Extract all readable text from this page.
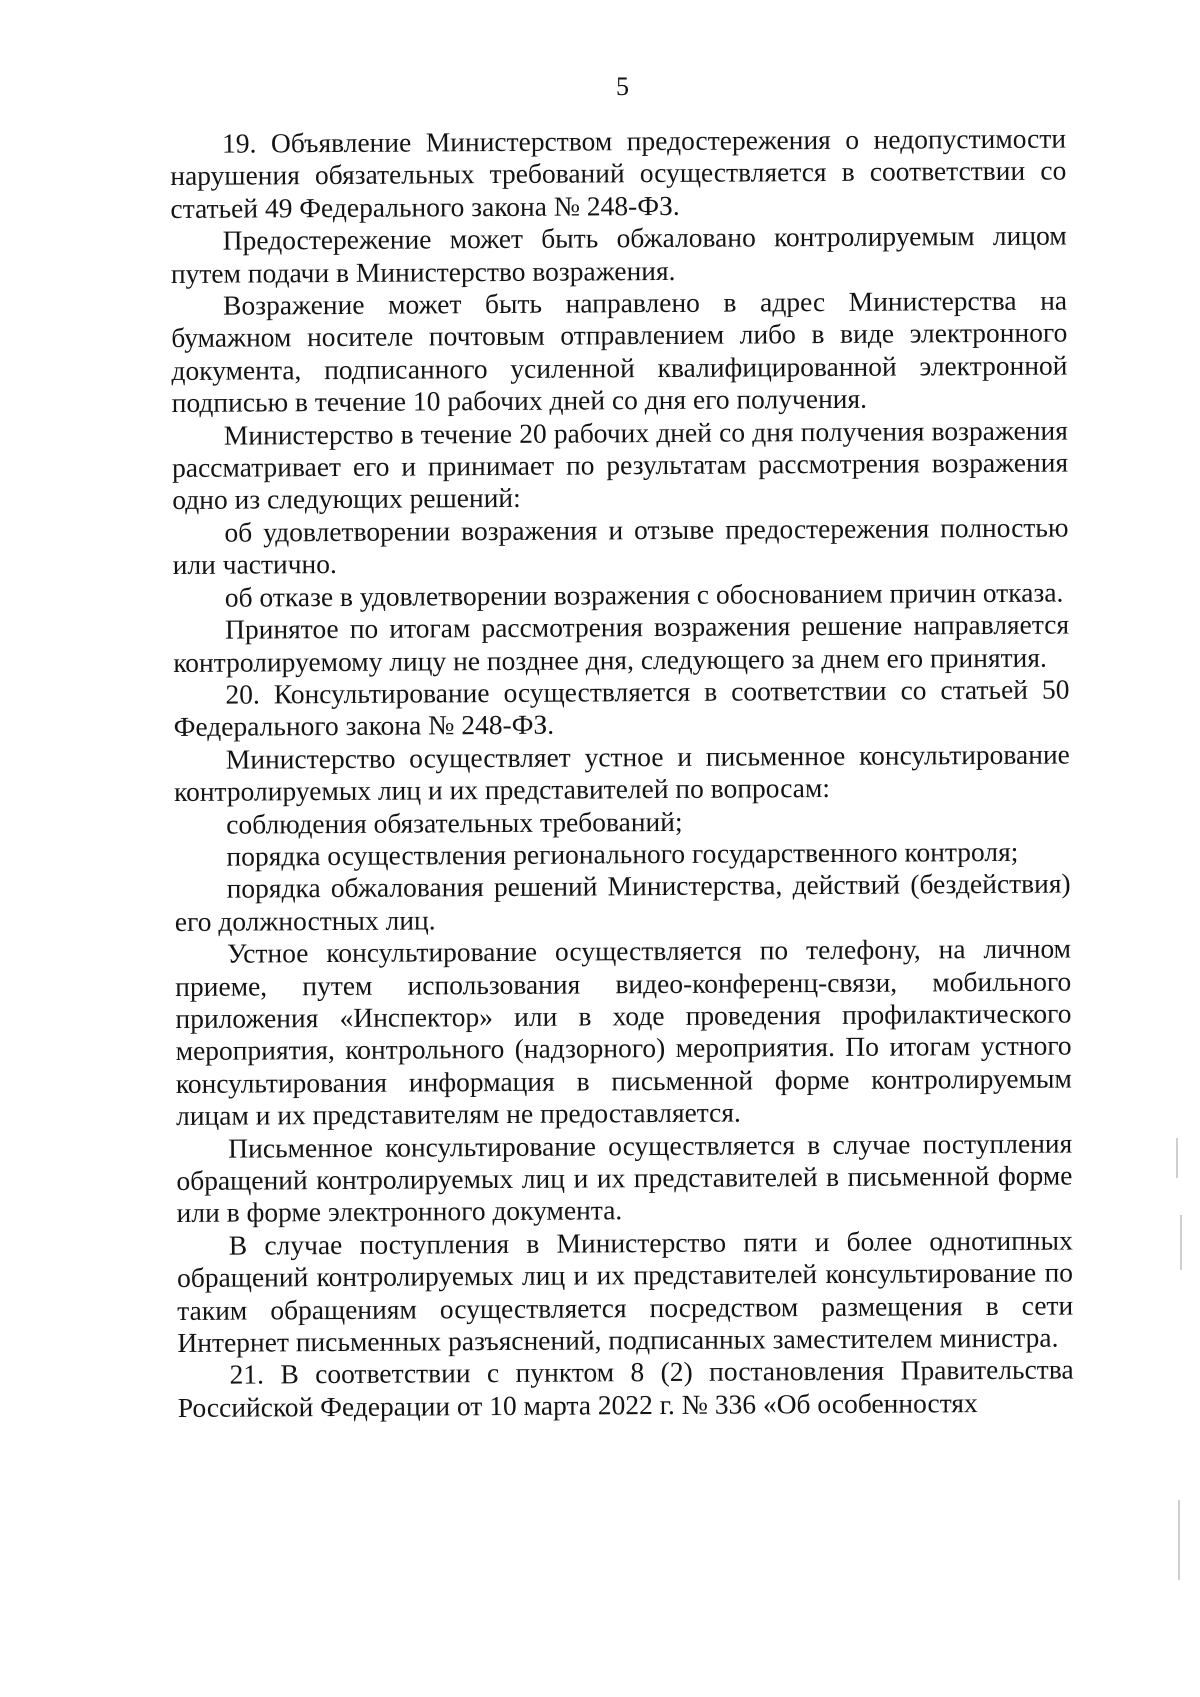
5

19. Объявление Министерством предостережения о недопустимости нарушения обязательных требований осуществляется в соответствии со статьей 49 Федерального закона № 248-ФЗ.

Предостережение может быть обжаловано контролируемым лицом путем подачи в Министерство возражения.

Возражение может быть направлено в адрес Министерства на бумажном носителе почтовым отправлением либо в виде электронного документа, подписанного усиленной квалифицированной электронной подписью в течение 10 рабочих дней со дня его получения.

Министерство в течение 20 рабочих дней со дня получения возражения рассматривает его и принимает по результатам рассмотрения возражения одно из следующих решений:

об удовлетворении возражения и отзыве предостережения полностью или частично.

об отказе в удовлетворении возражения с обоснованием причин отказа.

Принятое по итогам рассмотрения возражения решение направляется контролируемому лицу не позднее дня, следующего за днем его принятия.

20. Консультирование осуществляется в соответствии со статьей 50 Федерального закона № 248-ФЗ.

Министерство осуществляет устное и письменное консультирование контролируемых лиц и их представителей по вопросам:

соблюдения обязательных требований;

порядка осуществления регионального государственного контроля;

порядка обжалования решений Министерства, действий (бездействия) его должностных лиц.

Устное консультирование осуществляется по телефону, на личном приеме, путем использования видео-конференц-связи, мобильного приложения «Инспектор» или в ходе проведения профилактического мероприятия, контрольного (надзорного) мероприятия. По итогам устного консультирования информация в письменной форме контролируемым лицам и их представителям не предоставляется.

Письменное консультирование осуществляется в случае поступления обращений контролируемых лиц и их представителей в письменной форме или в форме электронного документа.

В случае поступления в Министерство пяти и более однотипных обращений контролируемых лиц и их представителей консультирование по таким обращениям осуществляется посредством размещения в сети Интернет письменных разъяснений, подписанных заместителем министра.

21. В соответствии с пунктом 8 (2) постановления Правительства Российской Федерации от 10 марта 2022 г. № 336 «Об особенностях
